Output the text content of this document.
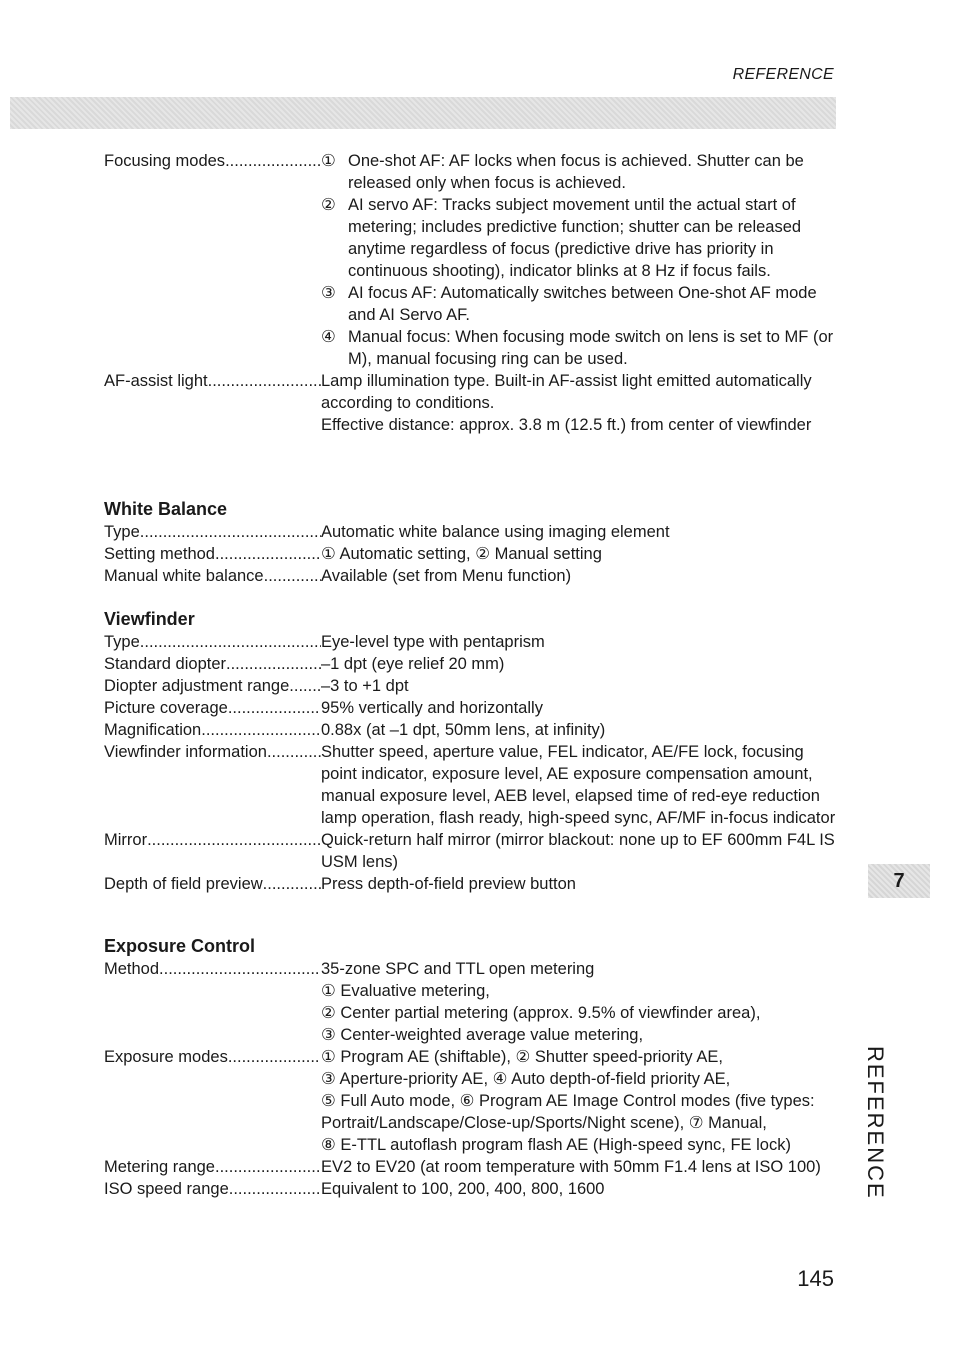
REFERENCE
Focusing modes .....	① One-shot AF: AF locks when focus is achieved. Shutter can be released only when focus is achieved.
② AI servo AF: Tracks subject movement until the actual start of metering; includes predictive function; shutter can be released anytime regardless of focus (predictive drive has priority in continuous shooting), indicator blinks at 8 Hz if focus fails.
③ AI focus AF: Automatically switches between One-shot AF mode and AI Servo AF.
④ Manual focus: When focusing mode switch on lens is set to MF (or M), manual focusing ring can be used.
AF-assist light .....	Lamp illumination type. Built-in AF-assist light emitted automatically according to conditions.

Effective distance: approx. 3.8 m (12.5 ft.) from center of viewfinder

White Balance
Type .....	Automatic white balance using imaging element

Setting method .....	① Automatic setting, ② Manual setting

Manual white balance .....	Available (set from Menu function)

Viewfinder
Type .....	Eye-level type with pentaprism

Standard diopter .....	–1 dpt (eye relief 20 mm)

Diopter adjustment range ..... –3 to +1 dpt

Picture coverage .....	95% vertically and horizontally

Magnification .....	0.88x (at –1 dpt, 50mm lens, at infinity)

Viewfinder information .....	Shutter speed, aperture value, FEL indicator, AE/FE lock, focusing point indicator, exposure level, AE exposure compensation amount, manual exposure level, AEB level, elapsed time of red-eye reduction lamp operation, flash ready, high-speed sync, AF/MF in-focus indicator

Mirror .....	Quick-return half mirror (mirror blackout: none up to EF 600mm F4L IS USM lens)

Depth of field preview .....	Press depth-of-field preview button

Exposure Control
Method .....	35-zone SPC and TTL open metering

① Evaluative metering,

② Center partial metering (approx. 9.5% of viewfinder area),

③ Center-weighted average value metering,

Exposure modes .....	① Program AE (shiftable), ② Shutter speed-priority AE,

③ Aperture-priority AE, ④ Auto depth-of-field priority AE,

⑤ Full Auto mode, ⑥ Program AE Image Control modes (five types: Portrait/Landscape/Close-up/Sports/Night scene), ⑦ Manual,

⑧ E-TTL autoflash program flash AE (High-speed sync, FE lock)

Metering range .....	EV2 to EV20 (at room temperature with 50mm F1.4 lens at ISO 100)

ISO speed range .....	Equivalent to 100, 200, 400, 800, 1600

7
REFERENCE
145
